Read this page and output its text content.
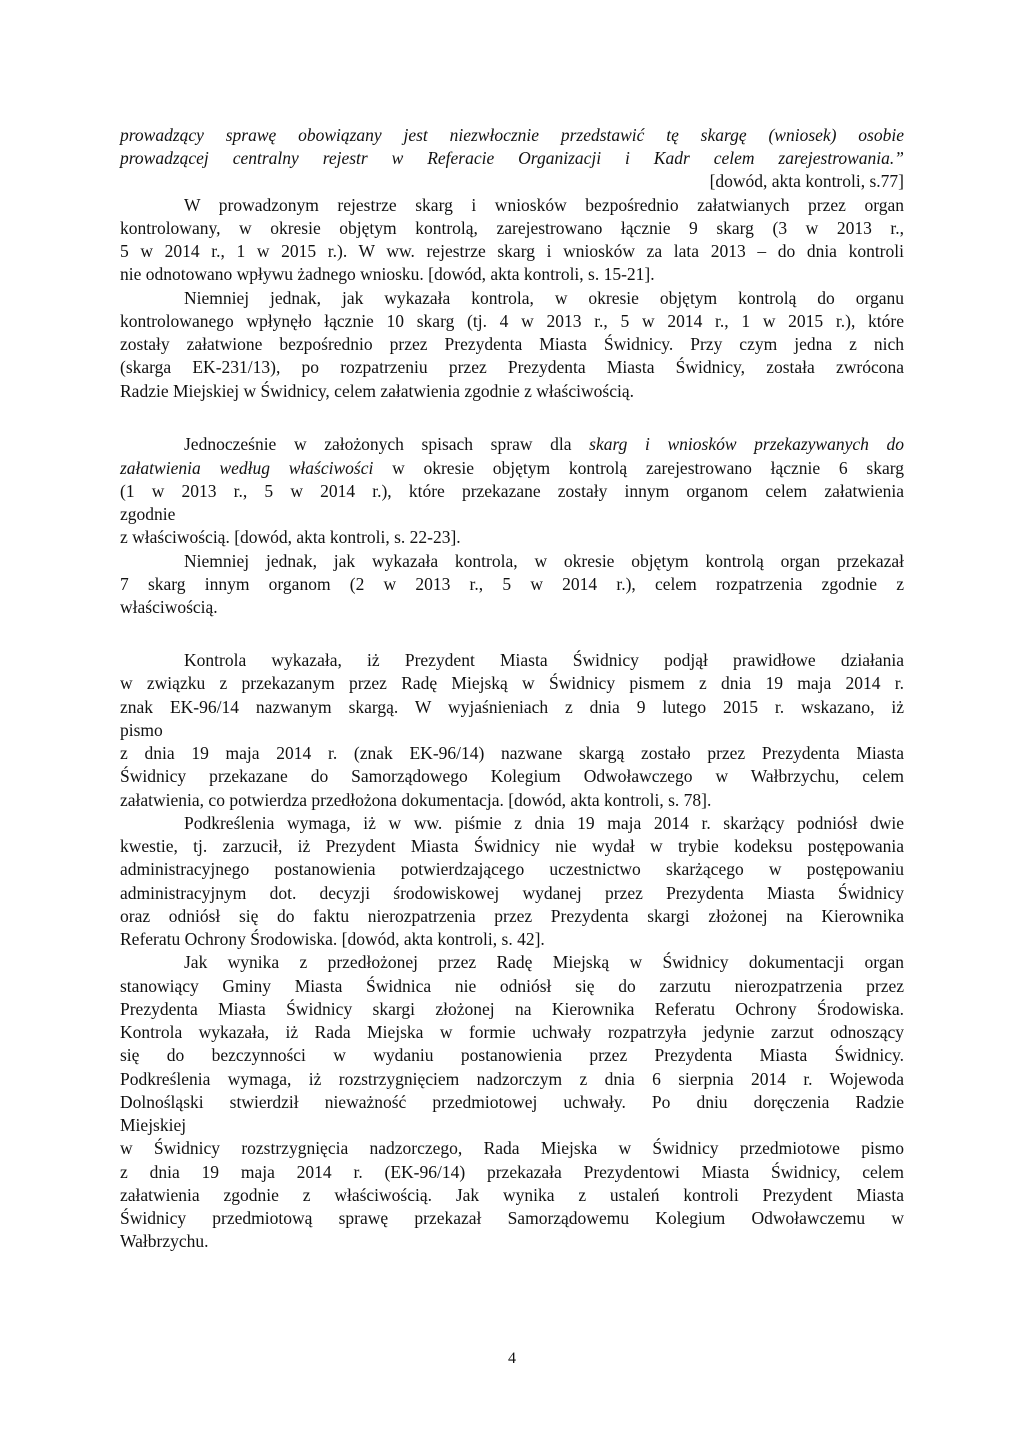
prowadzący sprawę obowiązany jest niezwłocznie przedstawić tę skargę (wniosek) osobie
prowadzącej centralny rejestr w Referacie Organizacji i Kadr celem zarejestrowania.”
[dowód, akta kontroli, s.77]
W prowadzonym rejestrze skarg i wniosków bezpośrednio załatwianych przez organ
kontrolowany, w okresie objętym kontrolą, zarejestrowano łącznie 9 skarg (3 w 2013 r.,
5 w 2014 r., 1 w 2015 r.). W ww. rejestrze skarg i wniosków za lata 2013 – do dnia kontroli
nie odnotowano wpływu żadnego wniosku. [dowód, akta kontroli, s. 15-21].
Niemniej jednak, jak wykazała kontrola, w okresie objętym kontrolą do organu
kontrolowanego wpłynęło łącznie 10 skarg (tj. 4 w 2013 r., 5 w 2014 r., 1 w 2015 r.), które
zostały załatwione bezpośrednio przez Prezydenta Miasta Świdnicy. Przy czym jedna z nich
(skarga EK-231/13), po rozpatrzeniu przez Prezydenta Miasta Świdnicy, została zwrócona
Radzie Miejskiej w Świdnicy, celem załatwienia zgodnie z właściwością.
Jednocześnie w założonych spisach spraw dla skarg i wniosków przekazywanych do
załatwienia według właściwości w okresie objętym kontrolą zarejestrowano łącznie 6 skarg
(1 w 2013 r., 5 w 2014 r.), które przekazane zostały innym organom celem załatwienia
zgodnie
z właściwością. [dowód, akta kontroli, s. 22-23].
Niemniej jednak, jak wykazała kontrola, w okresie objętym kontrolą organ przekazał
7 skarg innym organom (2 w 2013 r., 5 w 2014 r.), celem rozpatrzenia zgodnie z
właściwością.
Kontrola wykazała, iż Prezydent Miasta Świdnicy podjął prawidłowe działania
w związku z przekazanym przez Radę Miejską w Świdnicy pismem z dnia 19 maja 2014 r.
znak EK-96/14 nazwanym skargą. W wyjaśnieniach z dnia 9 lutego 2015 r. wskazano, iż
pismo
z dnia 19 maja 2014 r. (znak EK-96/14) nazwane skargą zostało przez Prezydenta Miasta
Świdnicy przekazane do Samorządowego Kolegium Odwoławczego w Wałbrzychu, celem
załatwienia, co potwierdza przedłożona dokumentacja. [dowód, akta kontroli, s. 78].
Podkreślenia wymaga, iż w ww. piśmie z dnia 19 maja 2014 r. skarżący podniósł dwie
kwestie, tj. zarzucił, iż Prezydent Miasta Świdnicy nie wydał w trybie kodeksu postępowania
administracyjnego postanowienia potwierdzającego uczestnictwo skarżącego w postępowaniu
administracyjnym dot. decyzji środowiskowej wydanej przez Prezydenta Miasta Świdnicy
oraz odniósł się do faktu nierozpatrzenia przez Prezydenta skargi złożonej na Kierownika
Referatu Ochrony Środowiska. [dowód, akta kontroli, s. 42].
Jak wynika z przedłożonej przez Radę Miejską w Świdnicy dokumentacji organ
stanowiący Gminy Miasta Świdnica nie odniósł się do zarzutu nierozpatrzenia przez
Prezydenta Miasta Świdnicy skargi złożonej na Kierownika Referatu Ochrony Środowiska.
Kontrola wykazała, iż Rada Miejska w formie uchwały rozpatrzyła jedynie zarzut odnoszący
się do bezczynności w wydaniu postanowienia przez Prezydenta Miasta Świdnicy.
Podkreślenia wymaga, iż rozstrzygnięciem nadzorczym z dnia 6 sierpnia 2014 r. Wojewoda
Dolnośląski stwierdził nieważność przedmiotowej uchwały. Po dniu doręczenia Radzie
Miejskiej
w Świdnicy rozstrzygnięcia nadzorczego, Rada Miejska w Świdnicy przedmiotowe pismo
z dnia 19 maja 2014 r. (EK-96/14) przekazała Prezydentowi Miasta Świdnicy, celem
załatwienia zgodnie z właściwością. Jak wynika z ustaleń kontroli Prezydent Miasta
Świdnicy przedmiotową sprawę przekazał Samorządowemu Kolegium Odwoławczemu w
Wałbrzychu.
4
